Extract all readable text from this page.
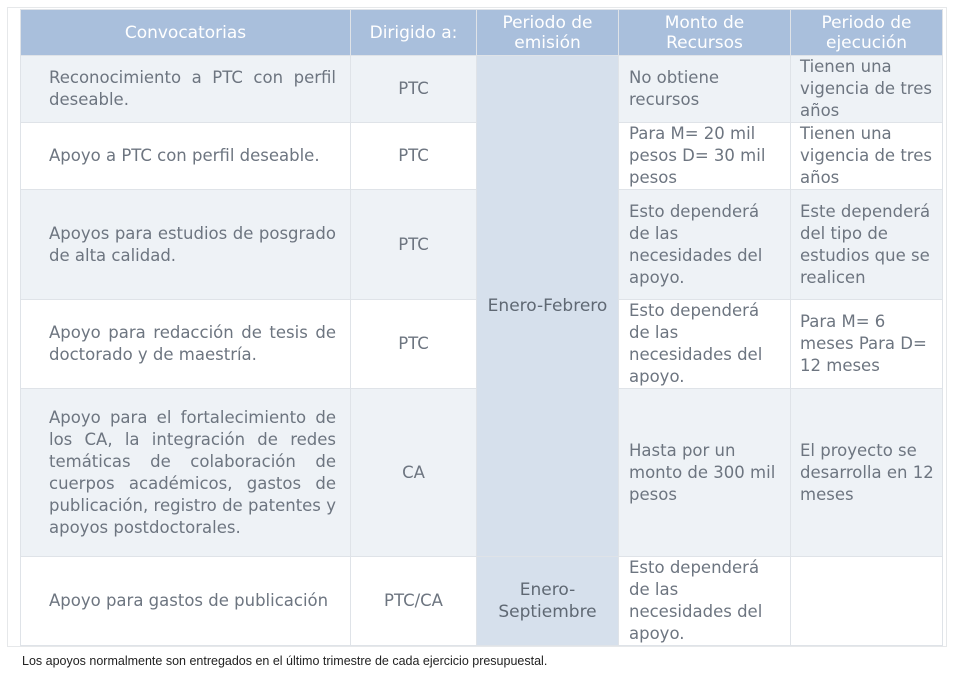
Convocatorias	Dirigido a:	Periodo de emisión	Monto de Recursos	Periodo de ejecución
Reconocimiento a PTC con perfil deseable.	PTC	Enero-Febrero	No obtiene recursos	Tienen una vigencia de tres años
Apoyo a PTC con perfil deseable.	PTC		Para M= 20 mil pesos D= 30 mil pesos	Tienen una vigencia de tres años
Apoyos para estudios de posgrado de alta calidad.	PTC		Esto dependerá de las necesidades del apoyo.	Este dependerá del tipo de estudios que se realicen
Apoyo para redacción de tesis de doctorado y de maestría.	PTC		Esto dependerá de las necesidades del apoyo.	Para M= 6 meses Para D= 12 meses
Apoyo para el fortalecimiento de los CA, la integración de redes temáticas de colaboración de cuerpos académicos, gastos de publicación, registro de patentes y apoyos postdoctorales.	CA		Hasta por un monto de 300 mil pesos	El proyecto se desarrolla en 12 meses
Apoyo para gastos de publicación	PTC/CA	Enero-Septiembre	Esto dependerá de las necesidades del apoyo.	
Los apoyos normalmente son entregados en el último trimestre de cada ejercicio presupuestal.
